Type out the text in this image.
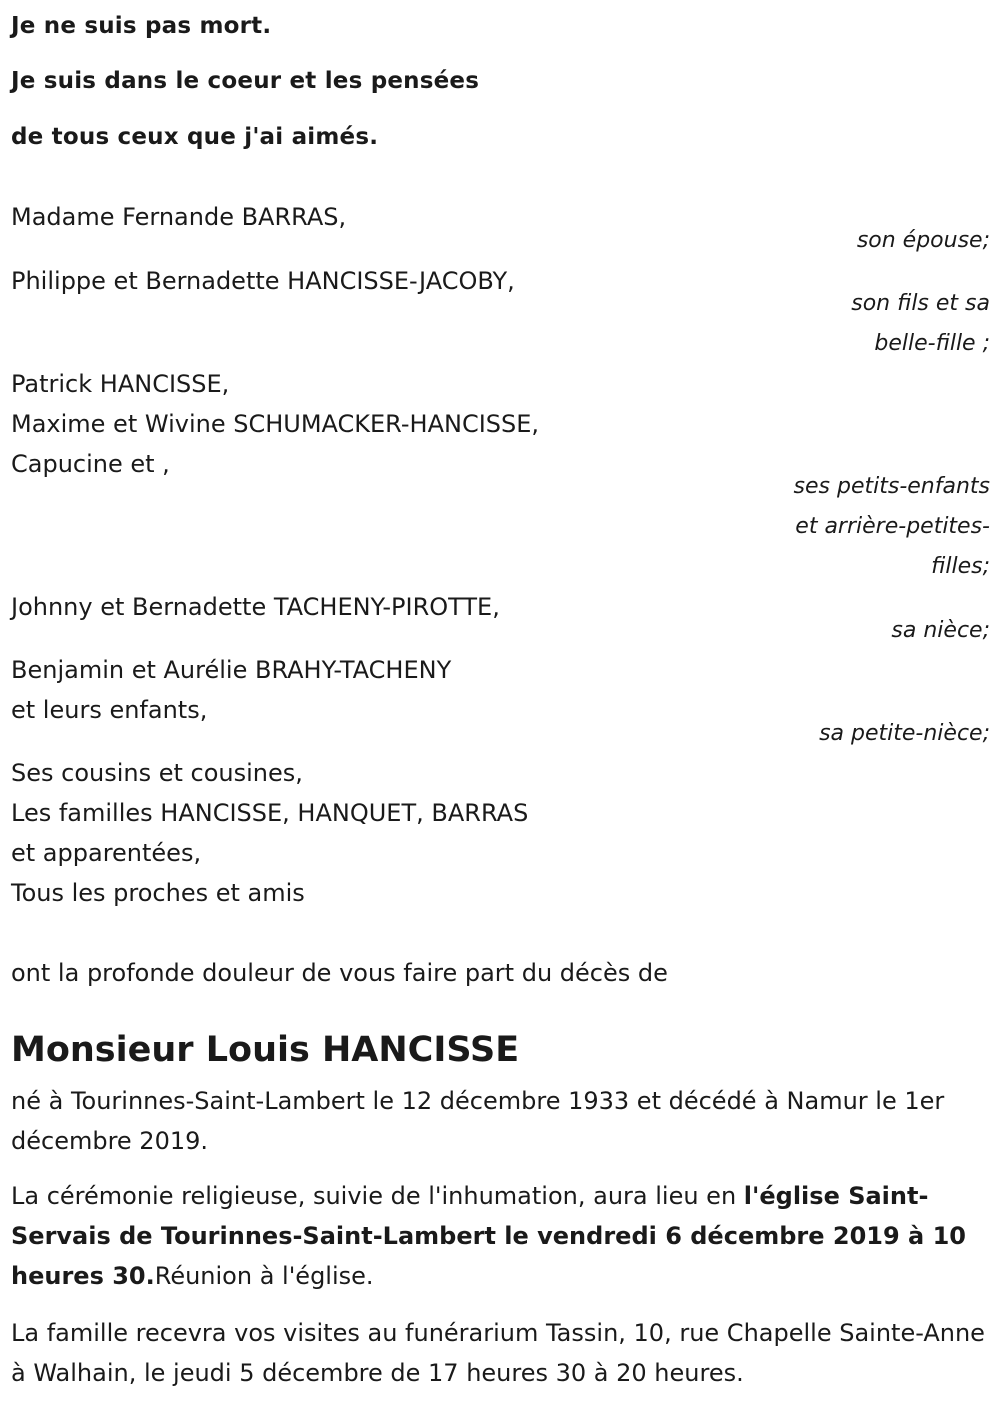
Je ne suis pas mort.
Je suis dans le coeur et les pensées
de tous ceux que j'ai aimés.
Madame Fernande BARRAS,
son épouse;
Philippe et Bernadette HANCISSE-JACOBY,
son fils et sa
belle-fille ;
Patrick HANCISSE,
Maxime et Wivine SCHUMACKER-HANCISSE,
Capucine et ,
ses petits-enfants
et arrière-petites-
filles;
Johnny et Bernadette TACHENY-PIROTTE,
sa nièce;
Benjamin et Aurélie BRAHY-TACHENY
et leurs enfants,
sa petite-nièce;
Ses cousins et cousines,
Les familles HANCISSE, HANQUET, BARRAS
et apparentées,
Tous les proches et amis
ont la profonde douleur de vous faire part du décès de
Monsieur Louis HANCISSE
né à Tourinnes-Saint-Lambert le 12 décembre 1933 et décédé à Namur le 1er décembre 2019.
La cérémonie religieuse, suivie de l'inhumation, aura lieu en l'église Saint-Servais de Tourinnes-Saint-Lambert le vendredi 6 décembre 2019 à 10 heures 30.Réunion à l'église.
La famille recevra vos visites au funérarium Tassin, 10, rue Chapelle Sainte-Anne à Walhain, le jeudi 5 décembre de 17 heures 30 à 20 heures.
